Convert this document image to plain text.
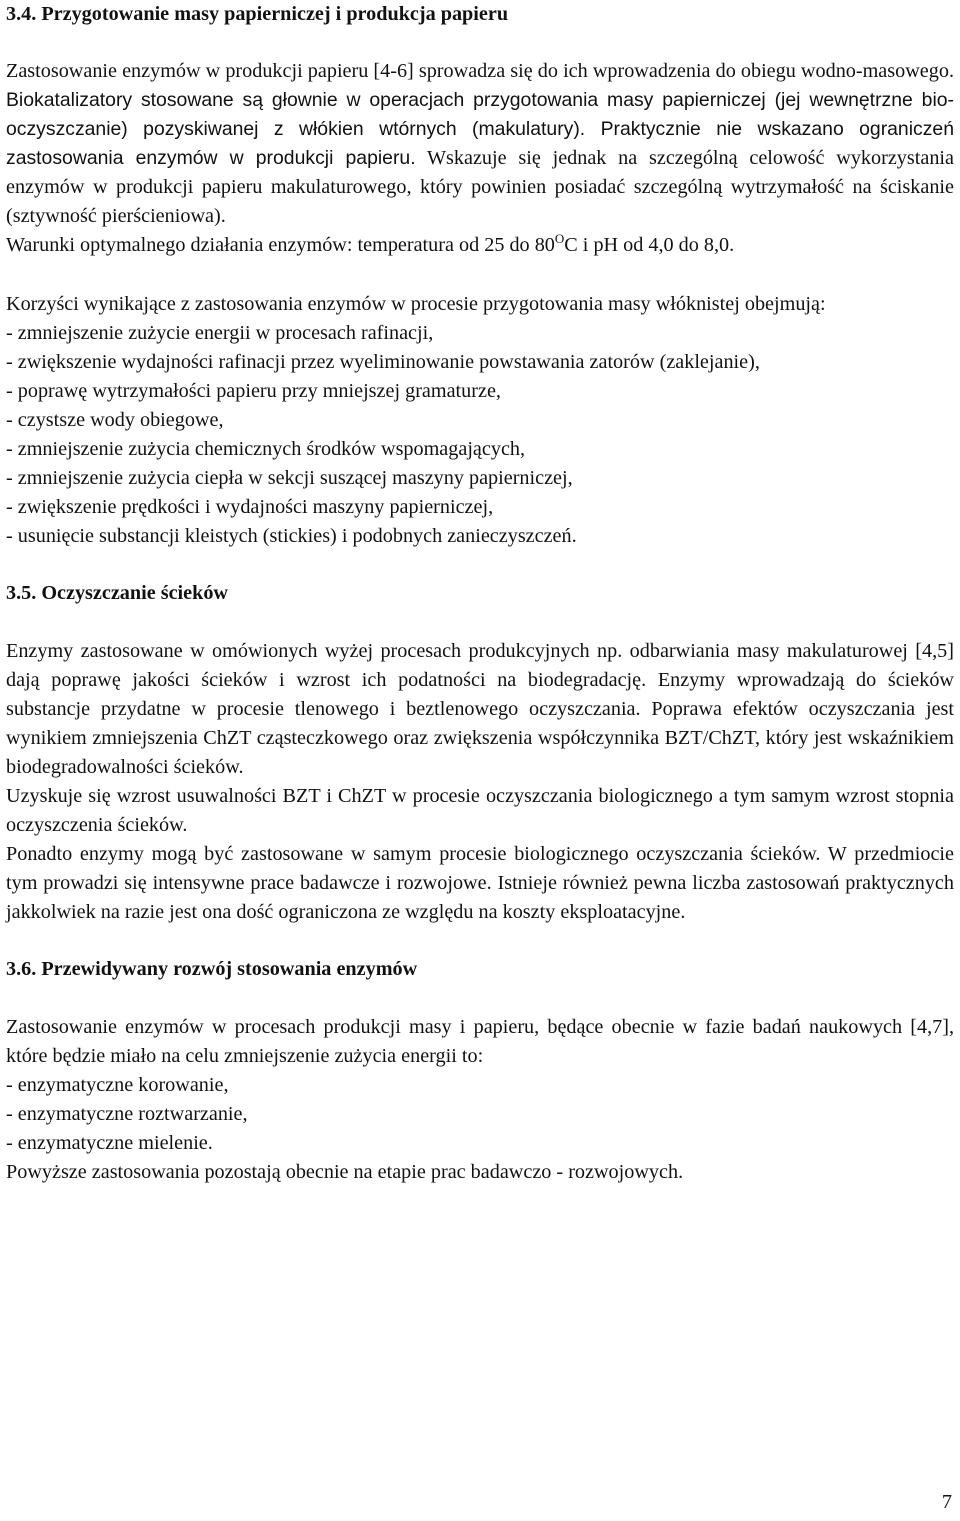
3.4. Przygotowanie masy papierniczej i produkcja papieru

Zastosowanie enzymów w produkcji papieru [4-6] sprowadza się do ich wprowadzenia do obiegu wodno-masowego. Biokatalizatory stosowane są głownie w operacjach przygotowania masy papierniczej (jej wewnętrzne bio-oczyszczanie) pozyskiwanej z włókien wtórnych (makulatury). Praktycznie nie wskazano ograniczeń zastosowania enzymów w produkcji papieru. Wskazuje się jednak na szczególną celowość wykorzystania enzymów w produkcji papieru makulaturowego, który powinien posiadać szczególną wytrzymałość na ściskanie (sztywność pierścieniowa).

Warunki optymalnego działania enzymów: temperatura od 25 do $80^OC$ i pH od 4,0 do 8,0.

Korzyści wynikające z zastosowania enzymów w procesie przygotowania masy włóknistej obejmują:

- zmniejszenie zużycie energii w procesach rafinacji,
- zwiększenie wydajności rafinacji przez wyeliminowanie powstawania zatorów (zaklejanie),
- poprawę wytrzymałości papieru przy mniejszej gramaturze,
- czystsze wody obiegowe,
- zmniejszenie zużycia chemicznych środków wspomagających,
- zmniejszenie zużycia ciepła w sekcji suszącej maszyny papierniczej,
- zwiększenie prędkości i wydajności maszyny papierniczej,
- usunięcie substancji kleistych (stickies) i podobnych zanieczyszczeń.
3.5. Oczyszczanie ścieków

Enzymy zastosowane w omówionych wyżej procesach produkcyjnych np. odbarwiania masy makulaturowej [4,5] dają poprawę jakości ścieków i wzrost ich podatności na biodegradację. Enzymy wprowadzają do ścieków substancje przydatne w procesie tlenowego i beztlenowego oczyszczania. Poprawa efektów oczyszczania jest wynikiem zmniejszenia ChZT cząsteczkowego oraz zwiększenia współczynnika BZT/ChZT, który jest wskaźnikiem biodegradowalności ścieków.

Uzyskuje się wzrost usuwalności BZT i ChZT w procesie oczyszczania biologicznego a tym samym wzrost stopnia oczyszczenia ścieków.

Ponadto enzymy mogą być zastosowane w samym procesie biologicznego oczyszczania ścieków. W przedmiocie tym prowadzi się intensywne prace badawcze i rozwojowe. Istnieje również pewna liczba zastosowań praktycznych jakkolwiek na razie jest ona dość ograniczona ze względu na koszty eksploatacyjne.

3.6. Przewidywany rozwój stosowania enzymów

Zastosowanie enzymów w procesach produkcji masy i papieru, będące obecnie w fazie badań naukowych [4,7], które będzie miało na celu zmniejszenie zużycia energii to:

- enzymatyczne korowanie,
- enzymatyczne roztwarzanie,
- enzymatyczne mielenie.

Powyższe zastosowania pozostają obecnie na etapie prac badawczo - rozwojowych.

7
